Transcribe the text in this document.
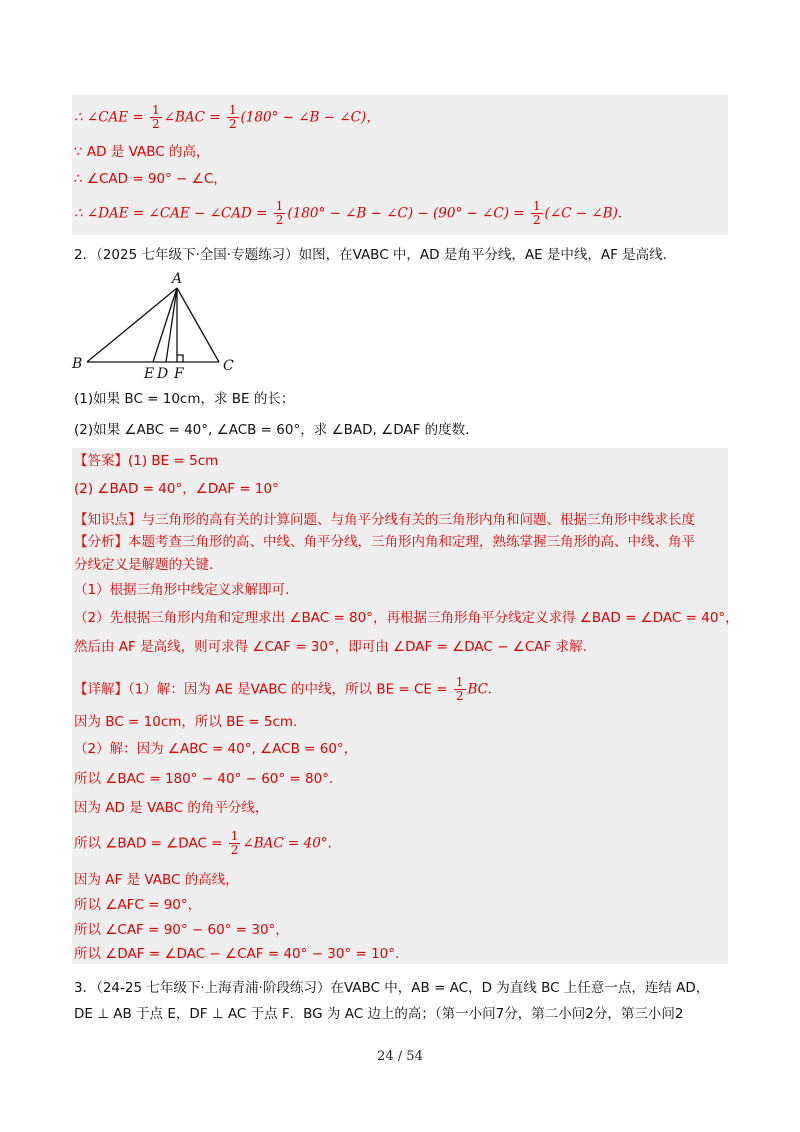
∴ ∠CAE = $\frac{1}{2}$ ∠BAC = $\frac{1}{2} (180^\circ$ − ∠B − ∠C)，
∵ AD 是 VABC 的高，
∴ ∠CAD = 90° − ∠C，
∴ ∠DAE = ∠CAE − ∠CAD = $\frac{1}{2} (180^\circ$ − ∠B − ∠C) − (90° − ∠C) = $\frac{1}{2}$ (∠C − ∠B).
2．（2025 七年级下·全国·专题练习）如图，在VABC 中，AD 是角平分线，AE 是中线，AF 是高线.
A
B	C
E D F
(1)如果 BC = 10cm，求 BE 的长；
(2)如果 ∠ABC = 40°, ∠ACB = 60°，求 ∠BAD, ∠DAF 的度数.
【答案】(1) BE = 5cm
(2) ∠BAD = 40°，∠DAF = 10°
【知识点】与三角形的高有关的计算问题、与角平分线有关的三角形内角和问题、根据三角形中线求长度
【分析】本题考查三角形的高、中线、角平分线，三角形内角和定理，熟练掌握三角形的高、中线、角平
分线定义是解题的关键.
（1）根据三角形中线定义求解即可.
（2）先根据三角形内角和定理求出 ∠BAC = 80°，再根据三角形角平分线定义求得 ∠BAD = ∠DAC = 40°，
然后由 AF 是高线，则可求得 ∠CAF = 30°，即可由 ∠DAF = ∠DAC − ∠CAF 求解.
【详解】（1）解：因为 AE 是VABC 的中线，所以 BE = CE = $\frac{1}{2}$ BC.
因为 BC = 10cm，所以 BE = 5cm.
（2）解：因为 ∠ABC = 40°, ∠ACB = 60°，
所以 ∠BAC = 180° − 40° − 60° = 80°.
因为 AD 是 VABC 的角平分线，
所以 ∠BAD = ∠DAC = $\frac{1}{2}$ ∠BAC = 40°.
因为 AF 是 VABC 的高线，
所以 ∠AFC = 90°，
所以 ∠CAF = 90° − 60° = 30°，
所以 ∠DAF = ∠DAC − ∠CAF = 40° − 30° = 10°.
3．（24-25 七年级下·上海青浦·阶段练习）在VABC 中，AB = AC，D 为直线 BC 上任意一点，连结 AD，
DE ⊥ AB 于点 E，DF ⊥ AC 于点 F．BG 为 AC 边上的高；（第一小问7分，第二小问2分，第三小问2
24 / 54
